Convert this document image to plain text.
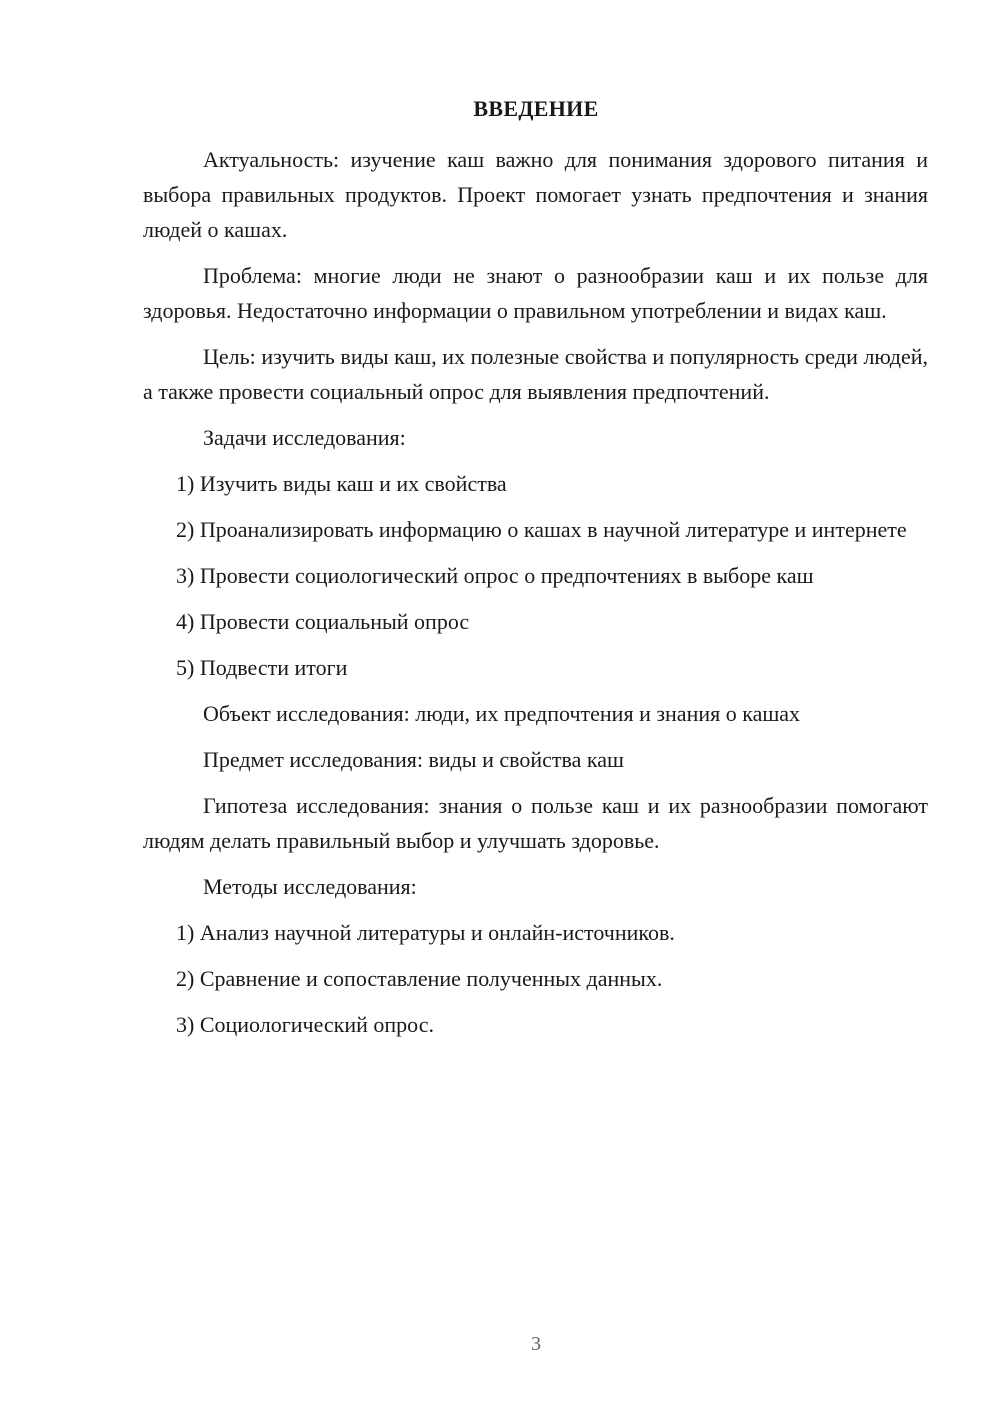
ВВЕДЕНИЕ

Актуальность: изучение каш важно для понимания здорового питания и выбора правильных продуктов. Проект помогает узнать предпочтения и знания людей о кашах.

Проблема: многие люди не знают о разнообразии каш и их пользе для здоровья. Недостаточно информации о правильном употреблении и видах каш.

Цель: изучить виды каш, их полезные свойства и популярность среди людей, а также провести социальный опрос для выявления предпочтений.

Задачи исследования:

1) Изучить виды каш и их свойства

2) Проанализировать информацию о кашах в научной литературе и интернете

3) Провести социологический опрос о предпочтениях в выборе каш

4) Провести социальный опрос

5) Подвести итоги

Объект исследования: люди, их предпочтения и знания о кашах

Предмет исследования: виды и свойства каш

Гипотеза исследования: знания о пользе каш и их разнообразии помогают людям делать правильный выбор и улучшать здоровье.

Методы исследования:

1) Анализ научной литературы и онлайн-источников.

2) Сравнение и сопоставление полученных данных.

3) Социологический опрос.

3
